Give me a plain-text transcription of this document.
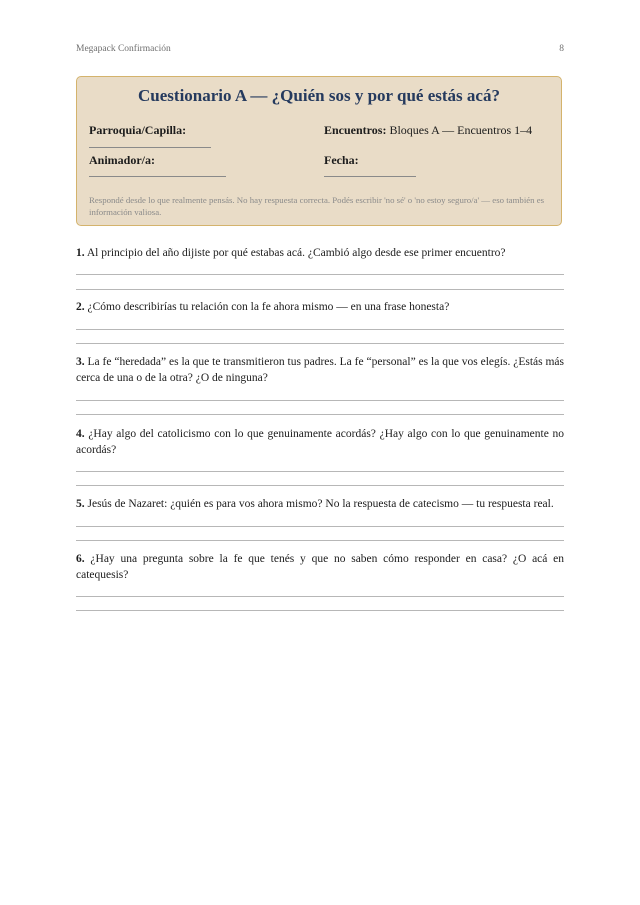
Megapack Confirmación	8
Cuestionario A — ¿Quién sos y por qué estás acá?
Parroquia/Capilla:	Encuentros: Bloques A — Encuentros 1–4
Animador/a:	Fecha:
Respondé desde lo que realmente pensás. No hay respuesta correcta. Podés escribir 'no sé' o 'no estoy seguro/a' — eso también es información valiosa.
1. Al principio del año dijiste por qué estabas acá. ¿Cambió algo desde ese primer encuentro?
2. ¿Cómo describirías tu relación con la fe ahora mismo — en una frase honesta?
3. La fe “heredada” es la que te transmitieron tus padres. La fe “personal” es la que vos elegís. ¿Estás más cerca de una o de la otra? ¿O de ninguna?
4. ¿Hay algo del catolicismo con lo que genuinamente acordás? ¿Hay algo con lo que genuinamente no acordás?
5. Jesús de Nazaret: ¿quién es para vos ahora mismo? No la respuesta de catecismo — tu respuesta real.
6. ¿Hay una pregunta sobre la fe que tenés y que no saben cómo responder en casa? ¿O acá en catequesis?
